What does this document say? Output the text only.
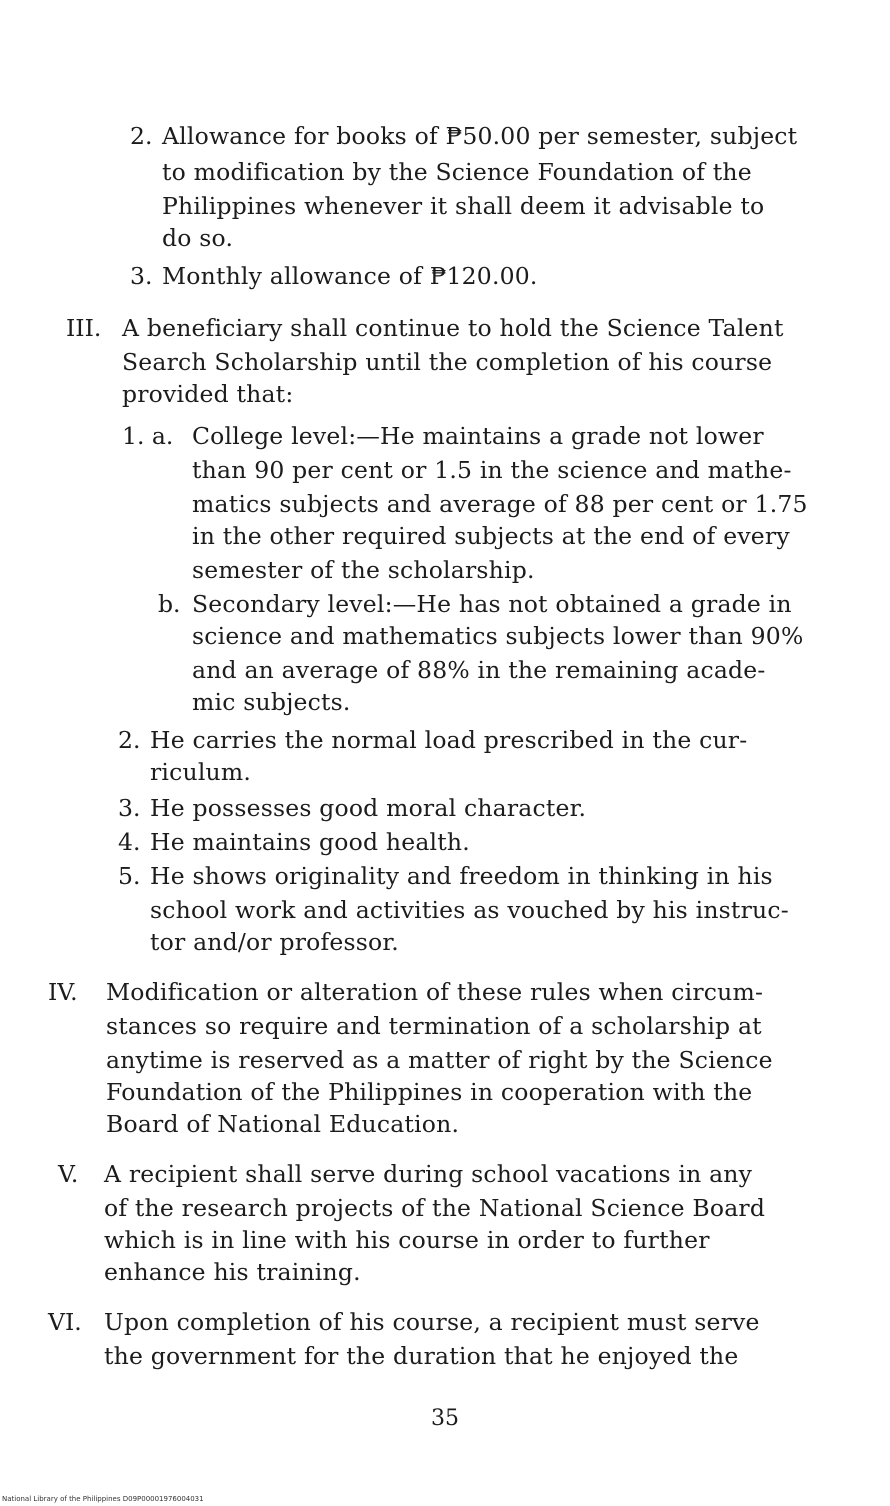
2. Allowance for books of ₱50.00 per semester, subject
to modification by the Science Foundation of the
Philippines whenever it shall deem it advisable to
do so.
3. Monthly allowance of ₱120.00.
III. A beneficiary shall continue to hold the Science Talent
Search Scholarship until the completion of his course
provided that:
1. a. College level:—He maintains a grade not lower
than 90 per cent or 1.5 in the science and mathe-
matics subjects and average of 88 per cent or 1.75
in the other required subjects at the end of every
semester of the scholarship.
b. Secondary level:—He has not obtained a grade in
science and mathematics subjects lower than 90%
and an average of 88% in the remaining acade-
mic subjects.
2. He carries the normal load prescribed in the cur-
riculum.
3. He possesses good moral character.
4. He maintains good health.
5. He shows originality and freedom in thinking in his
school work and activities as vouched by his instruc-
tor and/or professor.
IV. Modification or alteration of these rules when circum-
stances so require and termination of a scholarship at
anytime is reserved as a matter of right by the Science
Foundation of the Philippines in cooperation with the
Board of National Education.
V. A recipient shall serve during school vacations in any
of the research projects of the National Science Board
which is in line with his course in order to further
enhance his training.
VI. Upon completion of his course, a recipient must serve
the government for the duration that he enjoyed the
35
National Library of the Philippines D09P00001976004031
